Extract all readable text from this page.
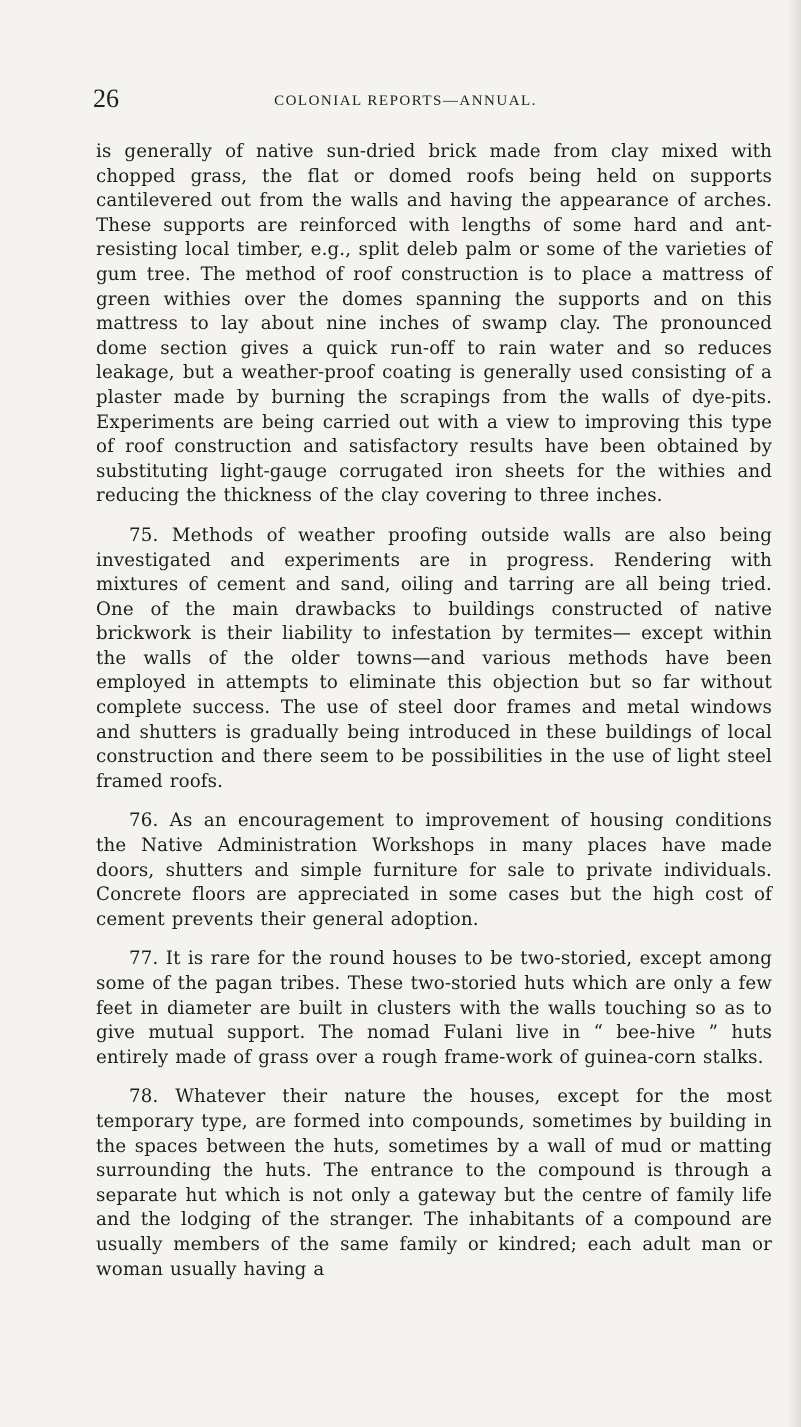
26	COLONIAL REPORTS—ANNUAL.

is generally of native sun-dried brick made from clay mixed with chopped grass, the flat or domed roofs being held on supports cantilevered out from the walls and having the appearance of arches. These supports are reinforced with lengths of some hard and ant-resisting local timber, e.g., split deleb palm or some of the varieties of gum tree. The method of roof construction is to place a mattress of green withies over the domes spanning the supports and on this mattress to lay about nine inches of swamp clay. The pronounced dome section gives a quick run-off to rain water and so reduces leakage, but a weather-proof coating is generally used consisting of a plaster made by burning the scrapings from the walls of dye-pits. Experiments are being carried out with a view to improving this type of roof construction and satisfactory results have been obtained by substituting light-gauge corrugated iron sheets for the withies and reducing the thickness of the clay covering to three inches.

75. Methods of weather proofing outside walls are also being investigated and experiments are in progress. Rendering with mixtures of cement and sand, oiling and tarring are all being tried. One of the main drawbacks to buildings constructed of native brickwork is their liability to infestation by termites— except within the walls of the older towns—and various methods have been employed in attempts to eliminate this objection but so far without complete success. The use of steel door frames and metal windows and shutters is gradually being introduced in these buildings of local construction and there seem to be possibilities in the use of light steel framed roofs.

76. As an encouragement to improvement of housing conditions the Native Administration Workshops in many places have made doors, shutters and simple furniture for sale to private individuals. Concrete floors are appreciated in some cases but the high cost of cement prevents their general adoption.

77. It is rare for the round houses to be two-storied, except among some of the pagan tribes. These two-storied huts which are only a few feet in diameter are built in clusters with the walls touching so as to give mutual support. The nomad Fulani live in “ bee-hive ” huts entirely made of grass over a rough frame-work of guinea-corn stalks.

78. Whatever their nature the houses, except for the most temporary type, are formed into compounds, sometimes by building in the spaces between the huts, sometimes by a wall of mud or matting surrounding the huts. The entrance to the compound is through a separate hut which is not only a gateway but the centre of family life and the lodging of the stranger. The inhabitants of a compound are usually members of the same family or kindred; each adult man or woman usually having a
